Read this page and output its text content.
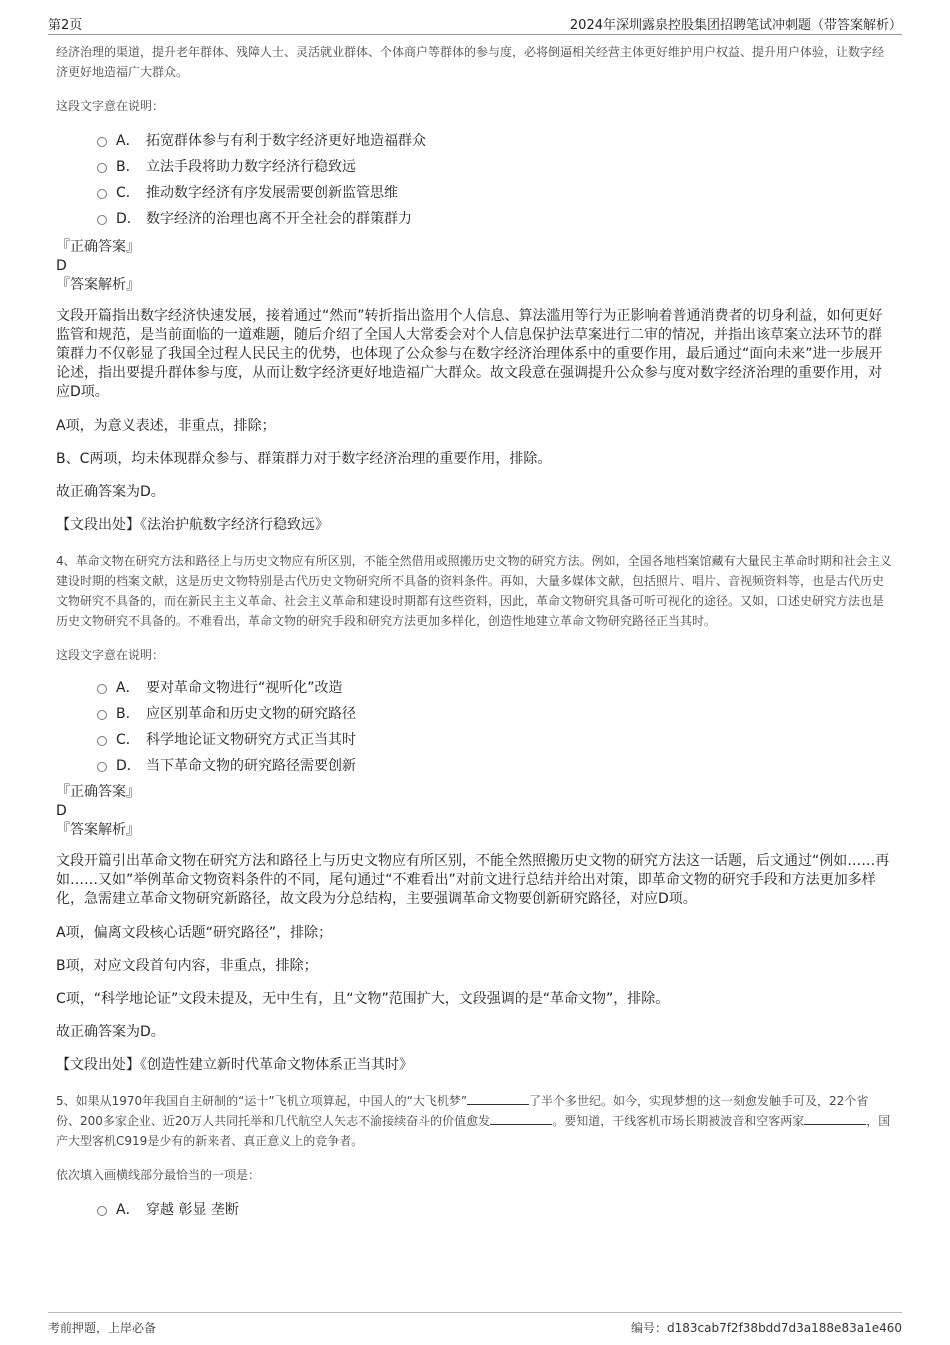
第2页	2024年深圳露泉控股集团招聘笔试冲刺题（带答案解析）

经济治理的渠道，提升老年群体、残障人士、灵活就业群体、个体商户等群体的参与度，必将倒逼相关经营主体更好维护用户权益、提升用户体验，让数字经济更好地造福广大群众。

这段文字意在说明：

A． 拓宽群体参与有利于数字经济更好地造福群众
B． 立法手段将助力数字经济行稳致远
C． 推动数字经济有序发展需要创新监管思维
D． 数字经济的治理也离不开全社会的群策群力

『正确答案』

D

『答案解析』

文段开篇指出数字经济快速发展，接着通过“然而”转折指出盗用个人信息、算法滥用等行为正影响着普通消费者的切身利益，如何更好监管和规范，是当前面临的一道难题，随后介绍了全国人大常委会对个人信息保护法草案进行二审的情况，并指出该草案立法环节的群策群力不仅彰显了我国全过程人民民主的优势，也体现了公众参与在数字经济治理体系中的重要作用，最后通过“面向未来”进一步展开论述，指出要提升群体参与度，从而让数字经济更好地造福广大群众。故文段意在强调提升公众参与度对数字经济治理的重要作用，对应D项。

A项，为意义表述，非重点，排除；

B、C两项，均未体现群众参与、群策群力对于数字经济治理的重要作用，排除。

故正确答案为D。

【文段出处】《法治护航数字经济行稳致远》

4、革命文物在研究方法和路径上与历史文物应有所区别，不能全然借用或照搬历史文物的研究方法。例如，全国各地档案馆藏有大量民主革命时期和社会主义建设时期的档案文献，这是历史文物特别是古代历史文物研究所不具备的资料条件。再如，大量多媒体文献，包括照片、唱片、音视频资料等，也是古代历史文物研究不具备的，而在新民主主义革命、社会主义革命和建设时期都有这些资料，因此，革命文物研究具备可听可视化的途径。又如，口述史研究方法也是历史文物研究不具备的。不难看出，革命文物的研究手段和研究方法更加多样化，创造性地建立革命文物研究路径正当其时。

这段文字意在说明：

A． 要对革命文物进行“视听化”改造
B． 应区别革命和历史文物的研究路径
C． 科学地论证文物研究方式正当其时
D． 当下革命文物的研究路径需要创新

『正确答案』

D

『答案解析』

文段开篇引出革命文物在研究方法和路径上与历史文物应有所区别，不能全然照搬历史文物的研究方法这一话题，后文通过“例如……再如……又如”举例革命文物资料条件的不同，尾句通过“不难看出”对前文进行总结并给出对策，即革命文物的研究手段和方法更加多样化，急需建立革命文物研究新路径，故文段为分总结构，主要强调革命文物要创新研究路径，对应D项。

A项，偏离文段核心话题“研究路径”，排除；

B项，对应文段首句内容，非重点，排除；

C项，“科学地论证”文段未提及，无中生有，且“文物”范围扩大，文段强调的是“革命文物”，排除。

故正确答案为D。

【文段出处】《创造性建立新时代革命文物体系正当其时》

5、如果从1970年我国自主研制的“运十”飞机立项算起，中国人的“大飞机梦”	了半个多世纪。如今，实现梦想的这一刻愈发触手可及，22个省份、200多家企业、近20万人共同托举和几代航空人矢志不渝接续奋斗的价值愈发	。要知道，干线客机市场长期被波音和空客两家	，国产大型客机C919是少有的新来者、真正意义上的竞争者。

依次填入画横线部分最恰当的一项是：

A． 穿越 彰显 垄断
考前押题，上岸必备	编号：d183cab7f2f38bdd7d3a188e83a1e460
